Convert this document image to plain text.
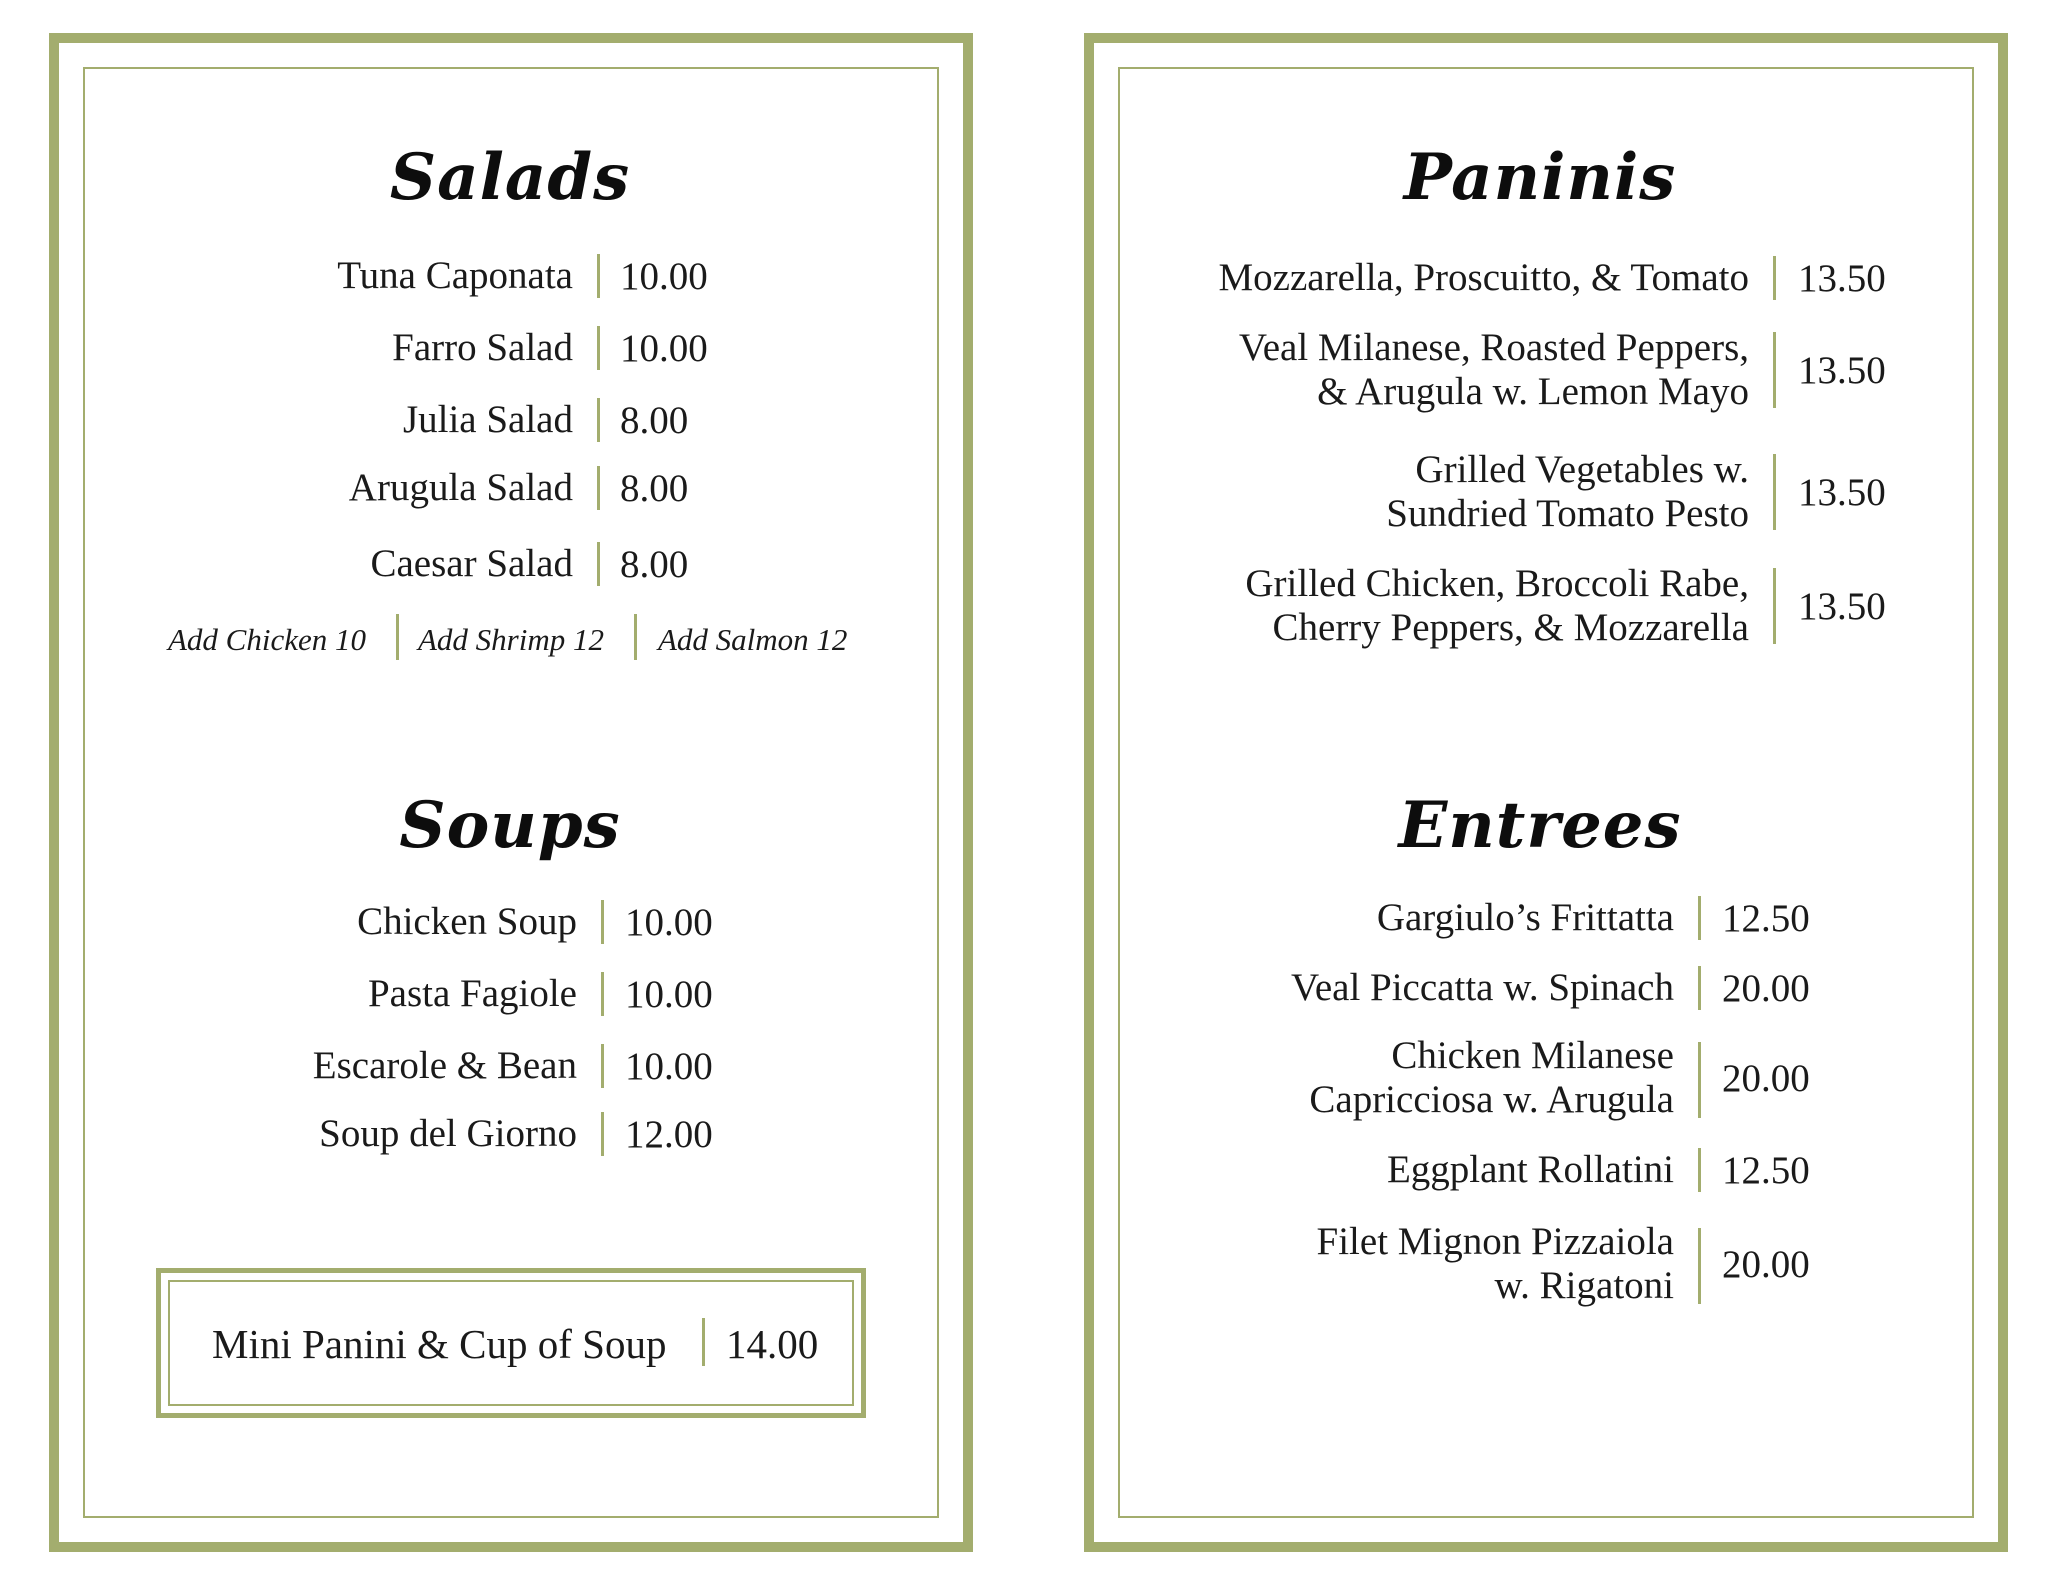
Salads
Tuna Caponata 10.00
Farro Salad 10.00
Julia Salad 8.00
Arugula Salad 8.00
Caesar Salad 8.00
Add Chicken 10 Add Shrimp 12 Add Salmon 12
Soups
Chicken Soup 10.00
Pasta Fagiole 10.00
Escarole & Bean 10.00
Soup del Giorno 12.00
Mini Panini & Cup of Soup 14.00
Paninis
Mozzarella, Proscuitto, & Tomato 13.50
Veal Milanese, Roasted Peppers,
& Arugula w. Lemon Mayo 13.50
Grilled Vegetables w.
Sundried Tomato Pesto 13.50
Grilled Chicken, Broccoli Rabe,
Cherry Peppers, & Mozzarella 13.50
Entrees
Gargiulo’s Frittatta 12.50
Veal Piccatta w. Spinach 20.00
Chicken Milanese
Capricciosa w. Arugula 20.00
Eggplant Rollatini 12.50
Filet Mignon Pizzaiola
w. Rigatoni 20.00
